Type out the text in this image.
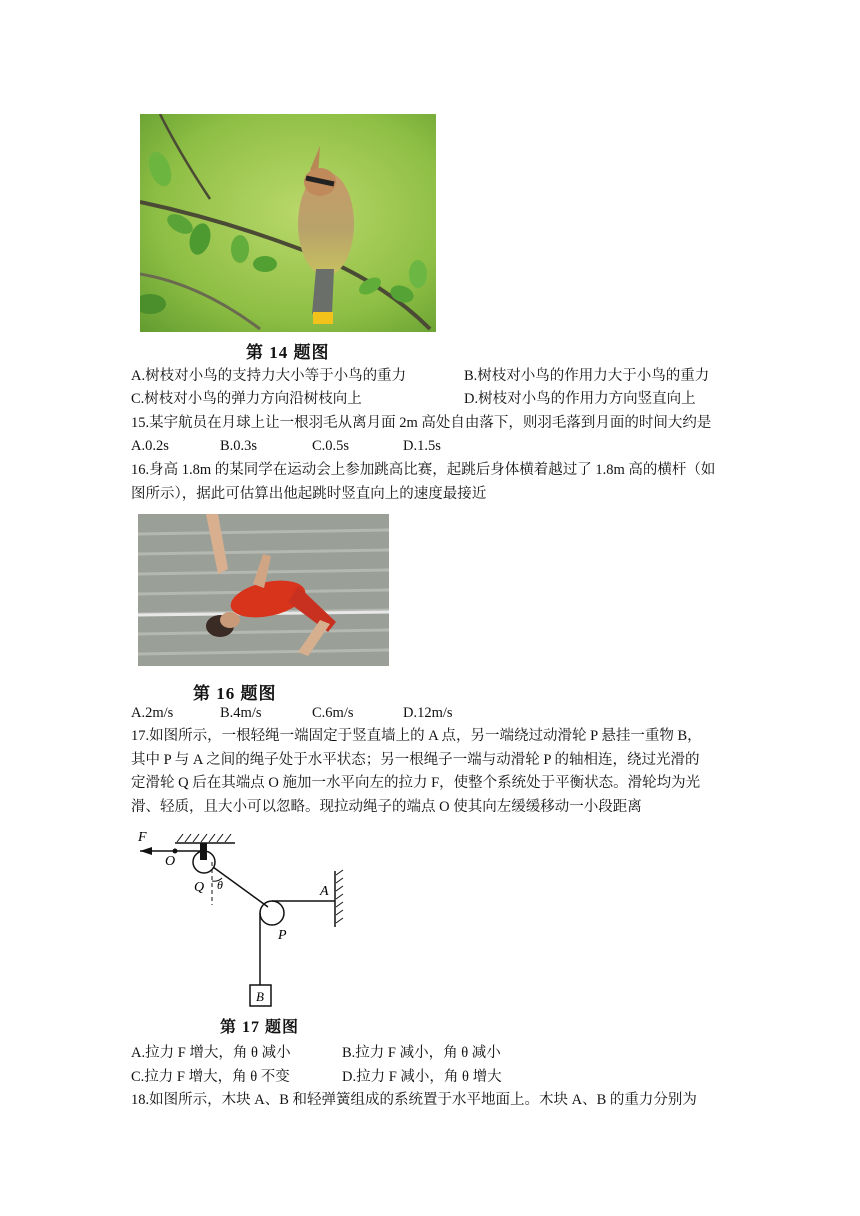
第 14 题图
A.树枝对小鸟的支持力大小等于小鸟的重力	B.树枝对小鸟的作用力大于小鸟的重力
C.树枝对小鸟的弹力方向沿树枝向上	D.树枝对小鸟的作用力方向竖直向上
15.某宇航员在月球上让一根羽毛从离月面 2m 高处自由落下，则羽毛落到月面的时间大约是
A.0.2s	B.0.3s	C.0.5s	D.1.5s
16.身高 1.8m 的某同学在运动会上参加跳高比赛，起跳后身体横着越过了 1.8m 高的横杆（如
图所示），据此可估算出他起跳时竖直向上的速度最接近
第 16 题图
A.2m/s	B.4m/s	C.6m/s	D.12m/s
17.如图所示，一根轻绳一端固定于竖直墙上的 A 点，另一端绕过动滑轮 P 悬挂一重物 B，
其中 P 与 A 之间的绳子处于水平状态；另一根绳子一端与动滑轮 P 的轴相连，绕过光滑的
定滑轮 Q 后在其端点 O 施加一水平向左的拉力 F，使整个系统处于平衡状态。滑轮均为光
滑、轻质，且大小可以忽略。现拉动绳子的端点 O 使其向左缓缓移动一小段距离
F
O
Q θ	A
P
B
第 17 题图
A.拉力 F 增大，角 θ 减小	B.拉力 F 减小，角 θ 减小
C.拉力 F 增大，角 θ 不变	D.拉力 F 减小，角 θ 增大
18.如图所示，木块 A、B 和轻弹簧组成的系统置于水平地面上。木块 A、B 的重力分别为
